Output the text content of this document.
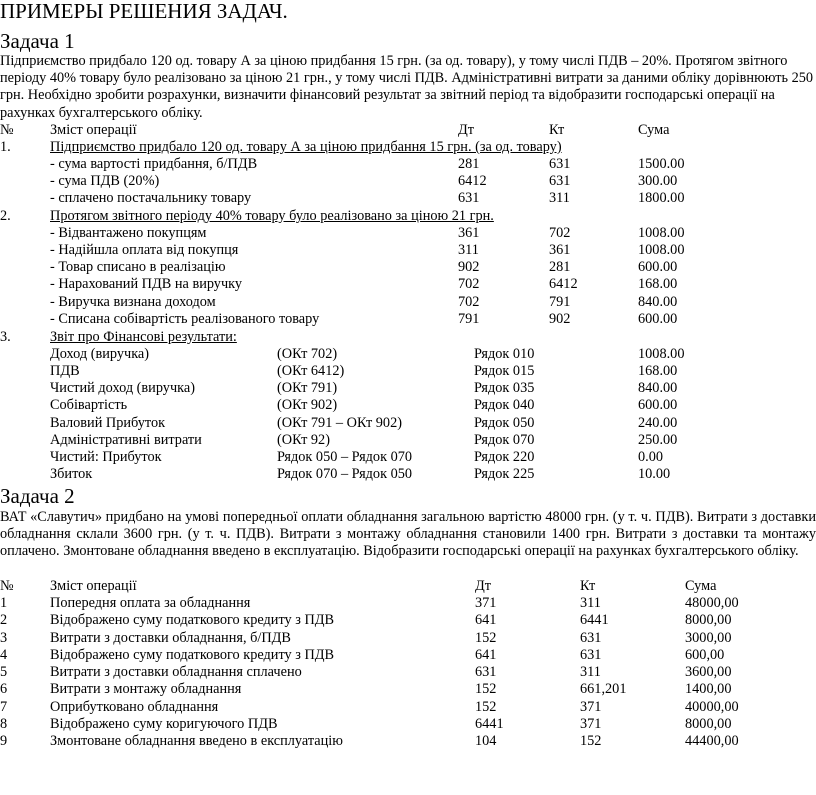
ПРИМЕРЫ РЕШЕНИЯ ЗАДАЧ.
Задача 1
Підприємство придбало 120 од. товару А за ціною придбання 15 грн. (за од. товару), у тому числі ПДВ – 20%. Протягом звітного періоду 40% товару було реалізовано за ціною 21 грн., у тому числі ПДВ. Адміністративні витрати за даними обліку дорівнюють 250 грн. Необхідно зробити розрахунки, визначити фінансовий результат за звітний період та відобразити господарські операції на рахунках бухгалтерського обліку.
№	Зміст операції	Дт	Кт	Сума
1.	Підприємство придбало 120 од. товару А за ціною придбання 15 грн. (за од. товару)
- сума вартості придбання, б/ПДВ	281	631	1500.00
- сума ПДВ (20%)	6412	631	300.00
- сплачено постачальнику товару	631	311	1800.00
2.	Протягом звітного періоду 40% товару було реалізовано за ціною 21 грн.
- Відвантажено покупцям	361	702	1008.00
- Надійшла оплата від покупця	311	361	1008.00
- Товар списано в реалізацію	902	281	600.00
- Нарахований ПДВ на виручку	702	6412	168.00
- Виручка визнана доходом	702	791	840.00
- Списана собівартість реалізованого товару	791	902	600.00
3.	Звіт про Фінансові результати:
Доход (виручка)	(ОКт 702)	Рядок 010	1008.00
ПДВ	(ОКт 6412)	Рядок 015	168.00
Чистий доход (виручка)	(ОКт 791)	Рядок 035	840.00
Собівартість	(ОКт 902)	Рядок 040	600.00
Валовий Прибуток	(ОКт 791 – ОКт 902)	Рядок 050	240.00
Адміністративні витрати	(ОКт 92)	Рядок 070	250.00
Чистий: Прибуток	Рядок 050 – Рядок 070	Рядок 220	0.00
Збиток	Рядок 070 – Рядок 050	Рядок 225	10.00
Задача 2
ВАТ «Славутич» придбано на умові попередньої оплати обладнання загальною вартістю 48000 грн. (у т. ч. ПДВ). Витрати з доставки обладнання склали 3600 грн. (у т. ч. ПДВ). Витрати з монтажу обладнання становили 1400 грн. Витрати з доставки та монтажу оплачено. Змонтоване обладнання введено в експлуатацію. Відобразити господарські операції на рахунках бухгалтерського обліку.
№	Зміст операції	Дт	Кт	Сума
1	Попередня оплата за обладнання	371	311	48000,00
2	Відображено суму податкового кредиту з ПДВ	641	6441	8000,00
3	Витрати з доставки обладнання, б/ПДВ	152	631	3000,00
4	Відображено суму податкового кредиту з ПДВ	641	631	600,00
5	Витрати з доставки обладнання сплачено	631	311	3600,00
6	Витрати з монтажу обладнання	152	661,201	1400,00
7	Оприбутковано обладнання	152	371	40000,00
8	Відображено суму коригуючого ПДВ	6441	371	8000,00
9	Змонтоване обладнання введено в експлуатацію	104	152	44400,00
